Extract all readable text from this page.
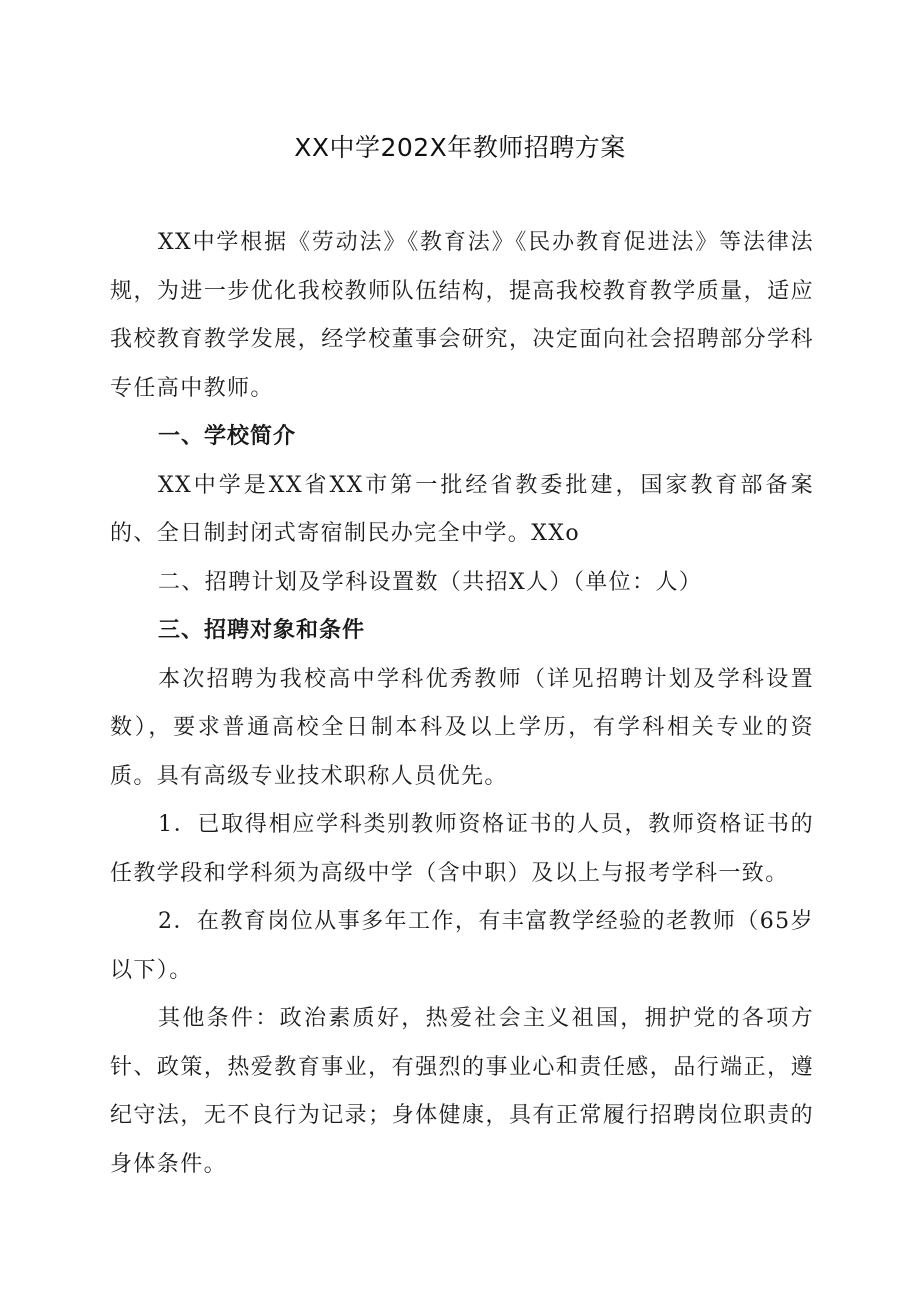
XX中学202X年教师招聘方案

XX中学根据《劳动法》《教育法》《民办教育促进法》等法律法规，为进一步优化我校教师队伍结构，提高我校教育教学质量，适应我校教育教学发展，经学校董事会研究，决定面向社会招聘部分学科专任高中教师。

一、学校简介

XX中学是XX省XX市第一批经省教委批建，国家教育部备案的、全日制封闭式寄宿制民办完全中学。XXo

二、招聘计划及学科设置数（共招X人）（单位：人）

三、招聘对象和条件

本次招聘为我校高中学科优秀教师（详见招聘计划及学科设置数），要求普通高校全日制本科及以上学历，有学科相关专业的资质。具有高级专业技术职称人员优先。

1．已取得相应学科类别教师资格证书的人员，教师资格证书的任教学段和学科须为高级中学（含中职）及以上与报考学科一致。

2．在教育岗位从事多年工作，有丰富教学经验的老教师（65岁以下）。

其他条件：政治素质好，热爱社会主义祖国，拥护党的各项方针、政策，热爱教育事业，有强烈的事业心和责任感，品行端正，遵纪守法，无不良行为记录；身体健康，具有正常履行招聘岗位职责的身体条件。
